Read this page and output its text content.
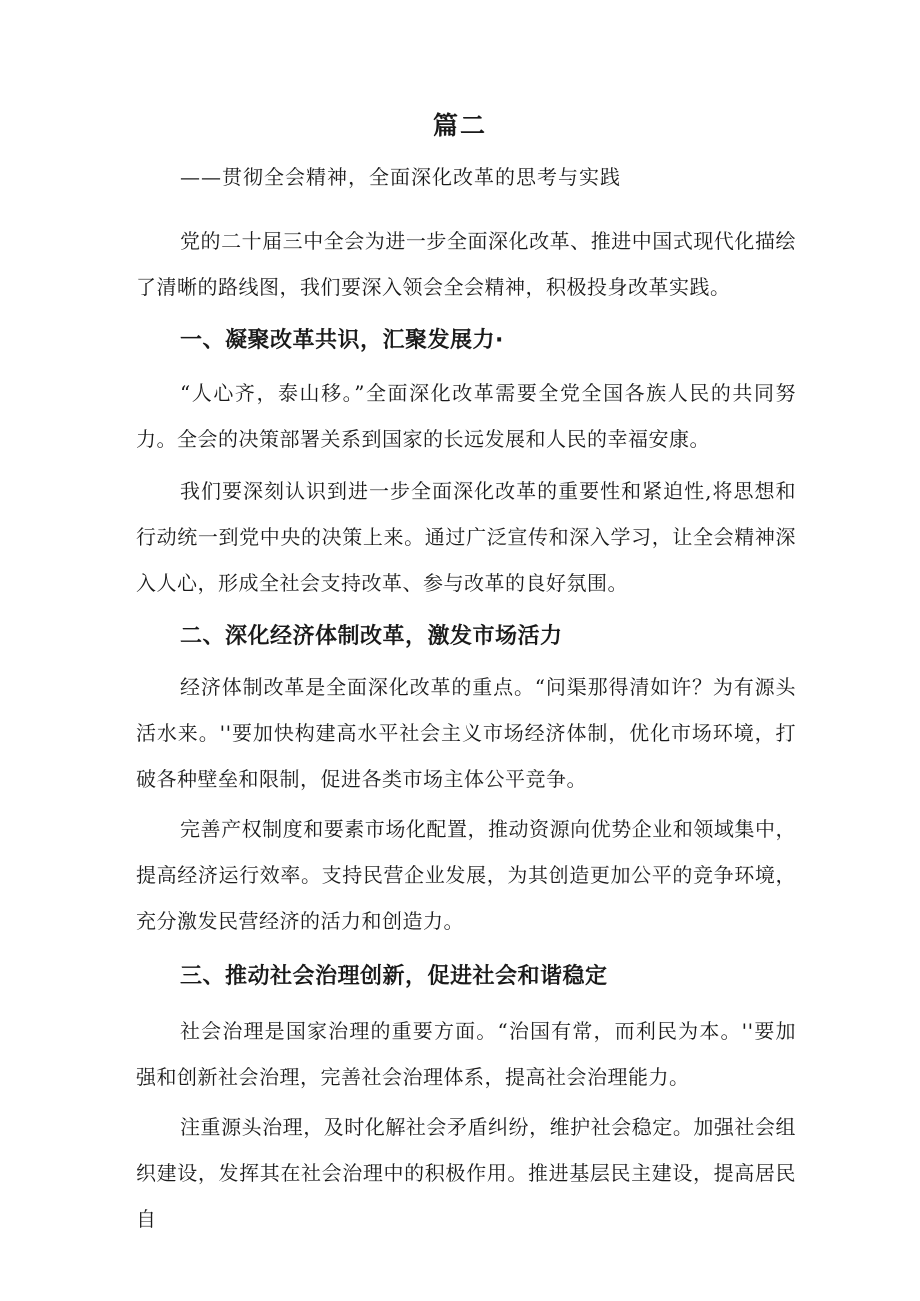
篇二
——贯彻全会精神，全面深化改革的思考与实践

党的二十届三中全会为进一步全面深化改革、推进中国式现代化描绘了清晰的路线图，我们要深入领会全会精神，积极投身改革实践。

一、凝聚改革共识，汇聚发展力·

“人心齐，泰山移。”全面深化改革需要全党全国各族人民的共同努力。全会的决策部署关系到国家的长远发展和人民的幸福安康。

我们要深刻认识到进一步全面深化改革的重要性和紧迫性,将思想和行动统一到党中央的决策上来。通过广泛宣传和深入学习，让全会精神深入人心，形成全社会支持改革、参与改革的良好氛围。

二、深化经济体制改革，激发市场活力

经济体制改革是全面深化改革的重点。“问渠那得清如许？为有源头活水来。''要加快构建高水平社会主义市场经济体制，优化市场环境，打破各种壁垒和限制，促进各类市场主体公平竞争。

完善产权制度和要素市场化配置，推动资源向优势企业和领域集中，提高经济运行效率。支持民营企业发展，为其创造更加公平的竞争环境，充分激发民营经济的活力和创造力。

三、推动社会治理创新，促进社会和谐稳定

社会治理是国家治理的重要方面。“治国有常，而利民为本。''要加强和创新社会治理，完善社会治理体系，提高社会治理能力。

注重源头治理，及时化解社会矛盾纠纷，维护社会稳定。加强社会组织建设，发挥其在社会治理中的积极作用。推进基层民主建设，提高居民自
